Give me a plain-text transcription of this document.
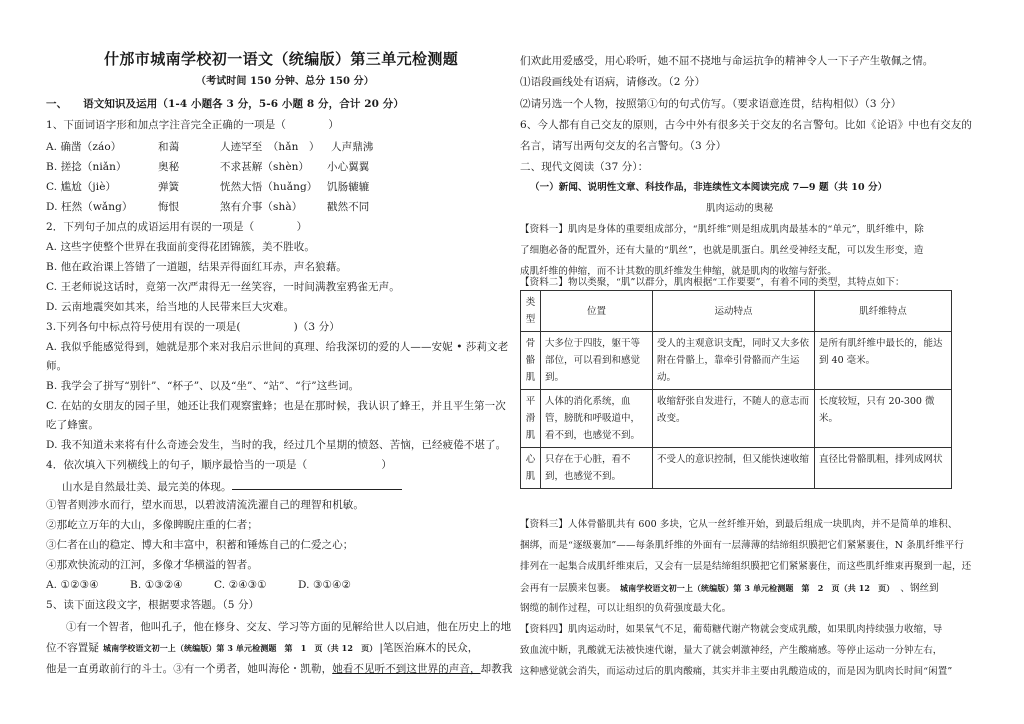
什邡市城南学校初一语文（统编版）第三单元检测题
（考试时间 150 分钟、总分 150 分）
一、　　语文知识及运用（1-4 小题各 3 分，5-6 小题 8 分，合计 20 分）
1、下面词语字形和加点字注音完全正确的一项是（　　　　）
A. 确凿（záo）	和蔼	人迹罕至　（hǎn　） 人声鼎沸
B. 搓捻（niǎn）	奥秘	不求甚解（shèn） 小心翼翼
C. 尴尬（jiè）	弹簧	恍然大悟（huǎng） 饥肠辘辘
D. 枉然（wǎng） 悔恨	煞有介事（shà） 戳然不同
2．下列句子加点的成语运用有误的一项是（　　　　）
A. 这些字使整个世界在我面前变得花团锦簇，美不胜收。
B. 他在政治课上答错了一道题，结果弄得面红耳赤，声名狼藉。
C. 王老师说这话时，竟第一次严肃得无一丝笑容，一时间满教室鸦雀无声。
D. 云南地震突如其来，给当地的人民带来巨大灾难。
3.下列各句中标点符号使用有误的一项是(　　　　　)（3 分）
A. 我似乎能感觉得到，她就是那个来对我启示世间的真理、给我深切的爱的人——安妮 • 莎莉文老
师。
B. 我学会了拼写“别针”、“杯子”、以及“坐”、“站”、“行”这些词。
C. 在姑的女朋友的园子里，她还让我们观察蜜蜂；也是在那时候，我认识了蜂王，并且平生第一次
吃了蜂蜜。
D. 我不知道未来将有什么奇迹会发生，当时的我，经过几个星期的愤怒、苦恼，已经疲倦不堪了。
4．依次填入下列横线上的句子，顺序最恰当的一项是（　　　　　　　）
山水是自然最壮美、最完美的体现。
①智者则涉水而行，望水而思，以碧波清流洗濯自己的理智和机敏。
②那屹立万年的大山，多像睥睨庄重的仁者；
③仁者在山的稳定、博大和丰富中，积蓄和锤炼自己的仁爱之心；
④那欢快流动的江河，多像才华横溢的智者。
A. ①②③④	B. ①③②④	C. ②④③①	D. ③①④②
5、读下面这段文字，根据要求答题。（5 分）
①有一个智者，他叫孔子，他在修身、交友、学习等方面的见解给世人以启迪，他在历史上的地
位不容置疑 城南学校语文初一上（统编版）第 3 单元检测题　第　1　页（共 12　页） |笔医治麻木的民众，
他是一直勇敢前行的斗士。③有一个勇者，她叫海伦・凯勒，她看不见听不到这世界的声音，却教我
们欢此用爱感受，用心聆听，她不屈不挠地与命运抗争的精神令人一下子产生敬佩之情。
⑴语段画线处有语病，请修改。（2 分）
⑵请另选一个人物，按照第①句的句式仿写。（要求语意连贯，结构相似）（3 分）
6、今人都有自己交友的原则，古今中外有很多关于交友的名言警句。比如《论语》中也有交友的
名言，请写出两句交友的名言警句。（3 分）
二、现代文阅读（37 分）：
（一）新闻、说明性文章、科技作品，非连续性文本阅读完成 7—9 题（共 10 分）
肌肉运动的奥秘
【资料一】肌肉是身体的重要组成部分，“肌纤维”则是组成肌肉最基本的“单元”，肌纤维中，除
了细胞必备的配置外，还有大量的“肌丝”，也就是肌蛋白。肌丝受神经支配，可以发生形变，造
成肌纤维的伸缩，而不计其数的肌纤维发生伸缩，就是肌肉的收缩与舒张。
【资料二】物以类聚，“肌”以群分，肌肉根据“工作要要”，有着不同的类型，其特点如下：
类型	位置	运动特点	肌纤维特点
骨骼肌	大多位于四肢，躯干等部位，可以看到和感觉到。	受人的主观意识支配，同时又大多依附在骨骼上，靠牵引骨骼而产生运动。	是所有肌纤维中最长的，能达到 40 毫米。
平滑肌	人体的消化系统，血管，膀胱和呼吸道中，看不到，也感觉不到。	收缩舒张自发进行，不随人的意志而改变。	长度较短，只有 20-300 微米。
心肌	只存在于心脏，看不到，也感觉不到。	不受人的意识控制，但又能快速收缩	直径比骨骼肌粗，排列成网状
【资料三】人体骨骼肌共有 600 多块，它从一丝纤维开始，到最后组成一块肌肉，并不是简单的堆积、
捆绑，而是“逐级裹加”——每条肌纤维的外面有一层薄薄的结缔组织膜把它们紧紧裹住，N 条肌纤维平行
排列在一起集合成肌纤维束后，又会有一层是结缔组织膜把它们紧紧裹住，而这些肌纤维束再聚到一起，还
会再有一层膜来包裹。 城南学校语文初一上（统编版）第 3 单元检测题　第　2　页（共 12　页） 、钢丝到
钢缆的制作过程，可以让组织的负荷强度最大化。
【资料四】肌肉运动时，如果氧气不足，葡萄糖代谢产物就会变成乳酸，如果肌肉持续强力收缩，导
致血流中断，乳酸就无法被快速代谢，量大了就会刺激神经，产生酸痛感。等停止运动一分钟左右，
这种感觉就会消失，而运动过后的肌肉酸痛，其实并非主要由乳酸造成的，而是因为肌肉长时间“闲置”
